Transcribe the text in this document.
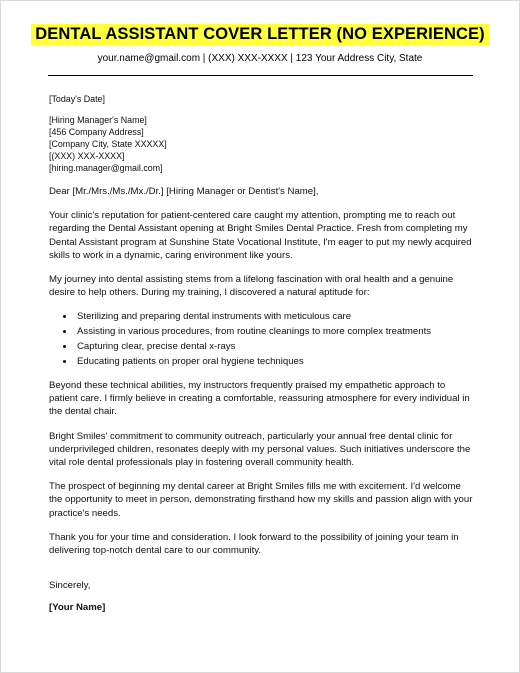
DENTAL ASSISTANT COVER LETTER (NO EXPERIENCE)
your.name@gmail.com | (XXX) XXX-XXXX | 123 Your Address City, State
[Today's Date]
[Hiring Manager's Name]
[456 Company Address]
[Company City, State XXXXX]
[(XXX) XXX-XXXX]
[hiring.manager@gmail.com]

Dear [Mr./Mrs./Ms./Mx./Dr.] [Hiring Manager or Dentist's Name],

Your clinic's reputation for patient-centered care caught my attention, prompting me to reach out regarding the Dental Assistant opening at Bright Smiles Dental Practice. Fresh from completing my Dental Assistant program at Sunshine State Vocational Institute, I'm eager to put my newly acquired skills to work in a dynamic, caring environment like yours.

My journey into dental assisting stems from a lifelong fascination with oral health and a genuine desire to help others. During my training, I discovered a natural aptitude for:

• Sterilizing and preparing dental instruments with meticulous care
• Assisting in various procedures, from routine cleanings to more complex treatments
• Capturing clear, precise dental x-rays
• Educating patients on proper oral hygiene techniques

Beyond these technical abilities, my instructors frequently praised my empathetic approach to patient care. I firmly believe in creating a comfortable, reassuring atmosphere for every individual in the dental chair.

Bright Smiles' commitment to community outreach, particularly your annual free dental clinic for underprivileged children, resonates deeply with my personal values. Such initiatives underscore the vital role dental professionals play in fostering overall community health.

The prospect of beginning my dental career at Bright Smiles fills me with excitement. I'd welcome the opportunity to meet in person, demonstrating firsthand how my skills and passion align with your practice's needs.

Thank you for your time and consideration. I look forward to the possibility of joining your team in delivering top-notch dental care to our community.

Sincerely,
[Your Name]
